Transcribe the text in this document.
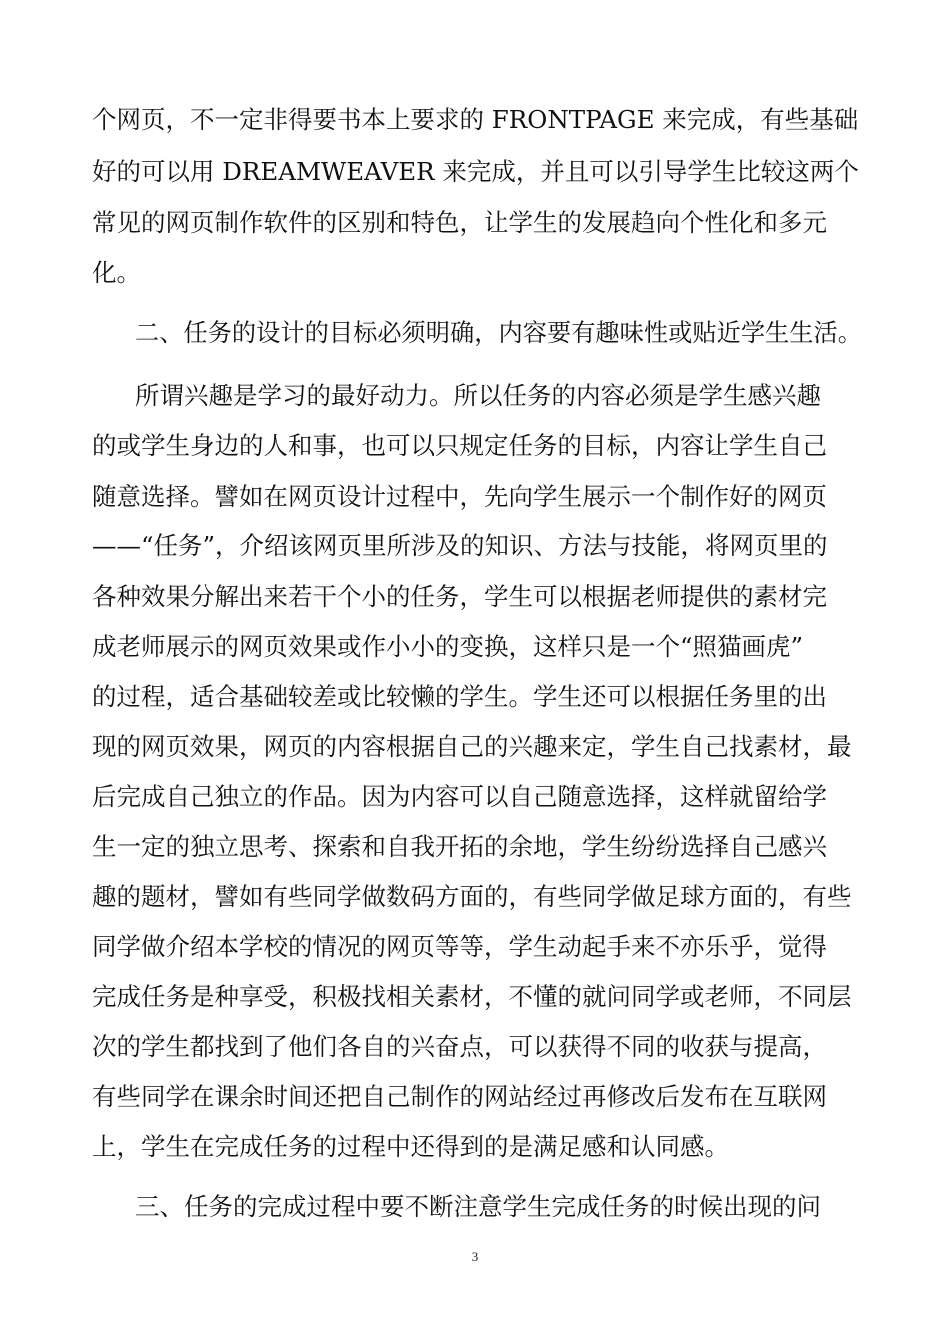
个网页，不一定非得要书本上要求的 FRONTPAGE 来完成，有些基础

好的可以用 DREAMWEAVER 来完成，并且可以引导学生比较这两个

常见的网页制作软件的区别和特色，让学生的发展趋向个性化和多元

化。

二、任务的设计的目标必须明确，内容要有趣味性或贴近学生生活。

所谓兴趣是学习的最好动力。所以任务的内容必须是学生感兴趣

的或学生身边的人和事，也可以只规定任务的目标，内容让学生自己

随意选择。譬如在网页设计过程中，先向学生展示一个制作好的网页

——“任务”，介绍该网页里所涉及的知识、方法与技能，将网页里的

各种效果分解出来若干个小的任务，学生可以根据老师提供的素材完

成老师展示的网页效果或作小小的变换，这样只是一个“照猫画虎”

的过程，适合基础较差或比较懒的学生。学生还可以根据任务里的出

现的网页效果，网页的内容根据自己的兴趣来定，学生自己找素材，最

后完成自己独立的作品。因为内容可以自己随意选择，这样就留给学

生一定的独立思考、探索和自我开拓的余地，学生纷纷选择自己感兴

趣的题材，譬如有些同学做数码方面的，有些同学做足球方面的，有些

同学做介绍本学校的情况的网页等等，学生动起手来不亦乐乎，觉得

完成任务是种享受，积极找相关素材，不懂的就问同学或老师，不同层

次的学生都找到了他们各自的兴奋点，可以获得不同的收获与提高，

有些同学在课余时间还把自己制作的网站经过再修改后发布在互联网

上，学生在完成任务的过程中还得到的是满足感和认同感。

三、任务的完成过程中要不断注意学生完成任务的时候出现的问

3
